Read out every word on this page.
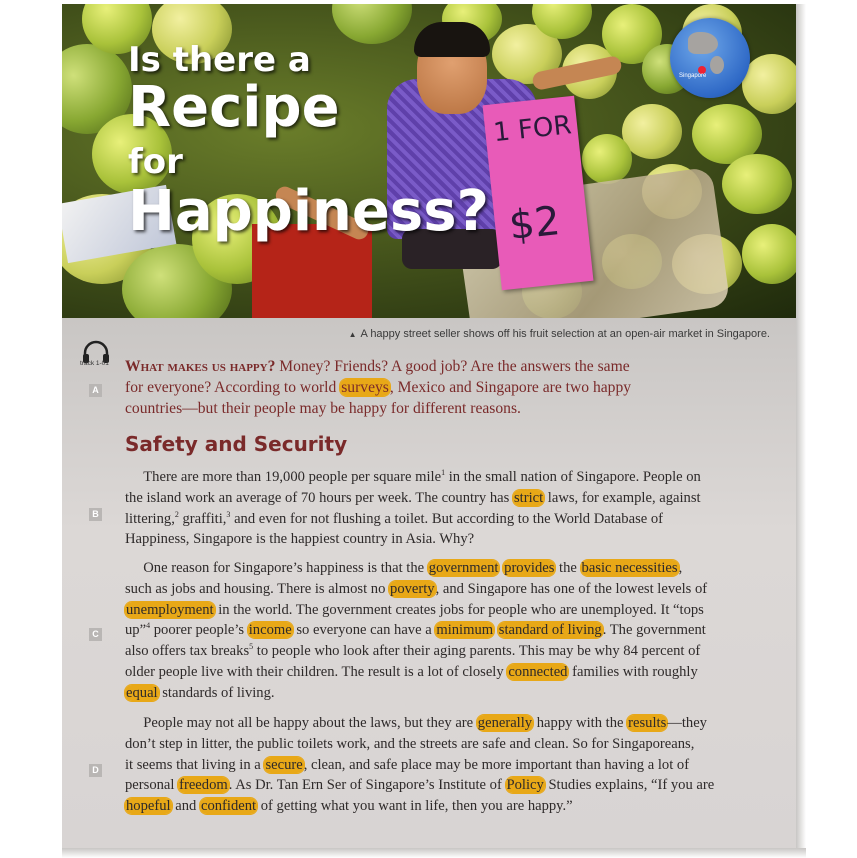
1 FOR
$2
Singapore
Is there a
Recipe
for
Happiness?
▲ A happy street seller shows off his fruit selection at an open-air market in Singapore.
track 1-01
A
B
C
D
What makes us happy? Money? Friends? A good job? Are the answers the same
for everyone? According to world surveys, Mexico and Singapore are two happy
countries—but their people may be happy for different reasons.
Safety and Security
There are more than 19,000 people per square mile$^1$ in the small nation of Singapore. People on
the island work an average of 70 hours per week. The country has strict laws, for example, against
littering,$^2$ graffiti,$^3$ and even for not flushing a toilet. But according to the World Database of
Happiness, Singapore is the happiest country in Asia. Why?
One reason for Singapore’s happiness is that the government provides the basic necessities,
such as jobs and housing. There is almost no poverty, and Singapore has one of the lowest levels of
unemployment in the world. The government creates jobs for people who are unemployed. It “tops
up”$^4$ poorer people’s income so everyone can have a minimum standard of living. The government
also offers tax breaks$^5$ to people who look after their aging parents. This may be why 84 percent of
older people live with their children. The result is a lot of closely connected families with roughly
equal standards of living.
People may not all be happy about the laws, but they are generally happy with the results—they
don’t step in litter, the public toilets work, and the streets are safe and clean. So for Singaporeans,
it seems that living in a secure, clean, and safe place may be more important than having a lot of
personal freedom. As Dr. Tan Ern Ser of Singapore’s Institute of Policy Studies explains, “If you are
hopeful and confident of getting what you want in life, then you are happy.”
